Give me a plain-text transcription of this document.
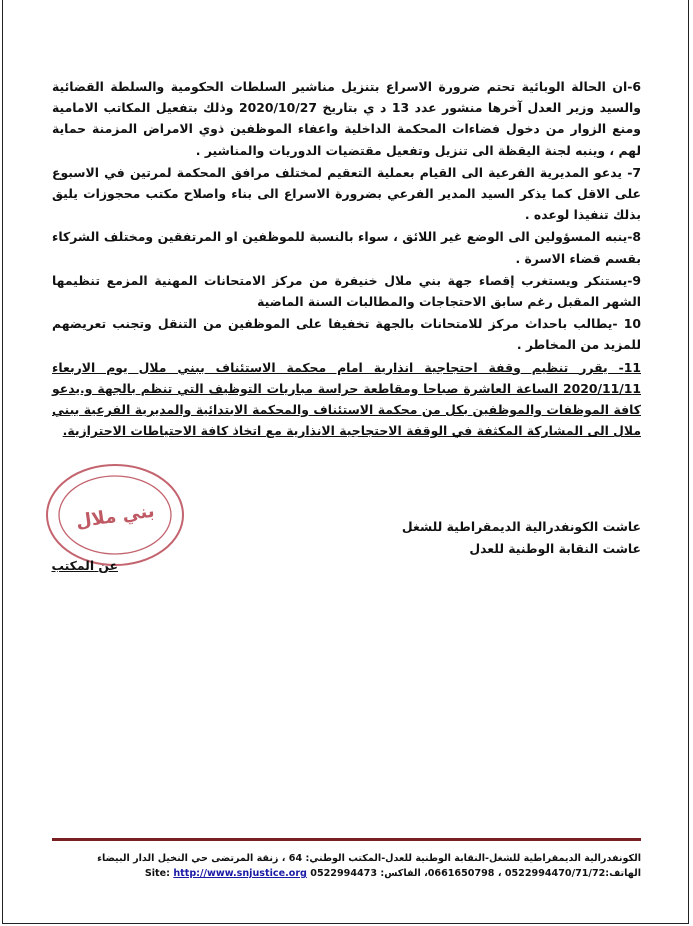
6-ان الحالة الوبائية تحتم ضرورة الاسراع بتنزيل مناشير السلطات الحكومية والسلطة القضائية والسيد وزير العدل آخرها منشور عدد 13 د ي بتاريخ 2020/10/27 وذلك بتفعيل المكاتب الامامية ومنع الزوار من دخول فضاءات المحكمة الداخلية واعفاء الموظفين ذوي الامراض المزمنة حماية لهم ، وينبه لجنة اليقظة الى تنزيل وتفعيل مقتضيات الدوريات والمناشير .

7- يدعو المديرية الفرعية الى القيام بعملية التعقيم لمختلف مرافق المحكمة لمرتين في الاسبوع على الاقل كما يذكر السيد المدير الفرعي بضرورة الاسراع الى بناء واصلاح مكتب محجوزات يليق بذلك تنفيذا لوعده .

8-ينبه المسؤولين الى الوضع غير اللائق ، سواء بالنسبة للموظفين او المرتفقين ومختلف الشركاء بقسم قضاء الاسرة .

9-يستنكر ويستغرب إقصاء جهة بني ملال خنيفرة من مركز الامتحانات المهنية المزمع تنظيمها الشهر المقبل رغم سابق الاحتجاجات والمطالبات السنة الماضية

10 -يطالب باحداث مركز للامتحانات بالجهة تخفيفا على الموظفين من التنقل وتجنب تعريضهم للمزيد من المخاطر .

11- يقرر تنظيم وقفة احتجاجية انذارية امام محكمة الاستئناف ببني ملال يوم الاربعاء 2020/11/11 الساعة العاشرة صباحا ومقاطعة حراسة مباريات التوظيف التي تنظم بالجهة و.يدعو كافة الموظفات والموظفين بكل من محكمة الاستئناف والمحكمة الابتدائية والمديرية الفرعية ببني ملال الى المشاركة المكثفة في الوقفة الاحتجاجية الانذارية مع اتخاذ كافة الاحتياطات الاحترازية.

بني ملال	عاشت الكونفدرالية الديمقراطية للشغل
عاشت النقابة الوطنية للعدل
عن المكتب
الكونفدرالية الديمقراطية للشغل-النقابة الوطنية للعدل-المكتب الوطني: 64 ، زنقة المرتضى حي النخيل الدار البيضاء
الهاتف:0522994470/71/72 ، 0661650798، الفاكس: 0522994473 Site: http://www.snjustice.org
